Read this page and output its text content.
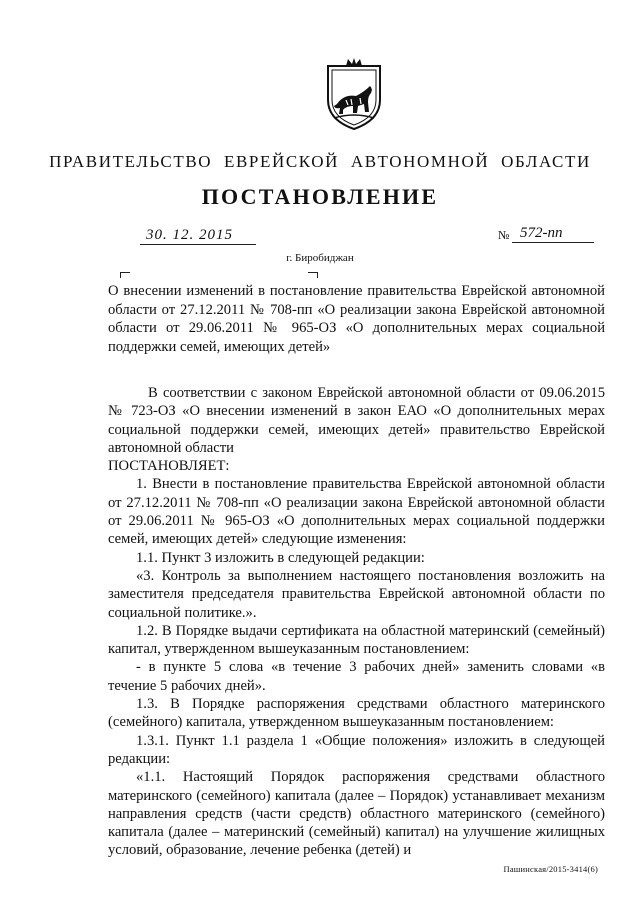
ПРАВИТЕЛЬСТВО ЕВРЕЙСКОЙ АВТОНОМНОЙ ОБЛАСТИ
ПОСТАНОВЛЕНИЕ
30. 12. 2015	№ 572-пп
г. Биробиджан
О внесении изменений в постановление правительства Еврейской автономной области от 27.12.2011 № 708-пп «О реализации закона Еврейской автономной области от 29.06.2011 № 965-ОЗ «О дополнительных мерах социальной поддержки семей, имеющих детей»

В соответствии с законом Еврейской автономной области от 09.06.2015 № 723-ОЗ «О внесении изменений в закон ЕАО «О дополнительных мерах социальной поддержки семей, имеющих детей» правительство Еврейской автономной области

ПОСТАНОВЛЯЕТ:

1. Внести в постановление правительства Еврейской автономной области от 27.12.2011 № 708-пп «О реализации закона Еврейской автономной области от 29.06.2011 № 965-ОЗ «О дополнительных мерах социальной поддержки семей, имеющих детей» следующие изменения:

1.1. Пункт 3 изложить в следующей редакции:

«3. Контроль за выполнением настоящего постановления возложить на заместителя председателя правительства Еврейской автономной области по социальной политике.».

1.2. В Порядке выдачи сертификата на областной материнский (семейный) капитал, утвержденном вышеуказанным постановлением:

- в пункте 5 слова «в течение 3 рабочих дней» заменить словами «в течение 5 рабочих дней».

1.3. В Порядке распоряжения средствами областного материнского (семейного) капитала, утвержденном вышеуказанным постановлением:

1.3.1. Пункт 1.1 раздела 1 «Общие положения» изложить в следующей редакции:

«1.1. Настоящий Порядок распоряжения средствами областного материнского (семейного) капитала (далее – Порядок) устанавливает механизм направления средств (части средств) областного материнского (семейного) капитала (далее – материнский (семейный) капитал) на улучшение жилищных условий, образование, лечение ребенка (детей) и

Пашинская/2015-3414(6)
